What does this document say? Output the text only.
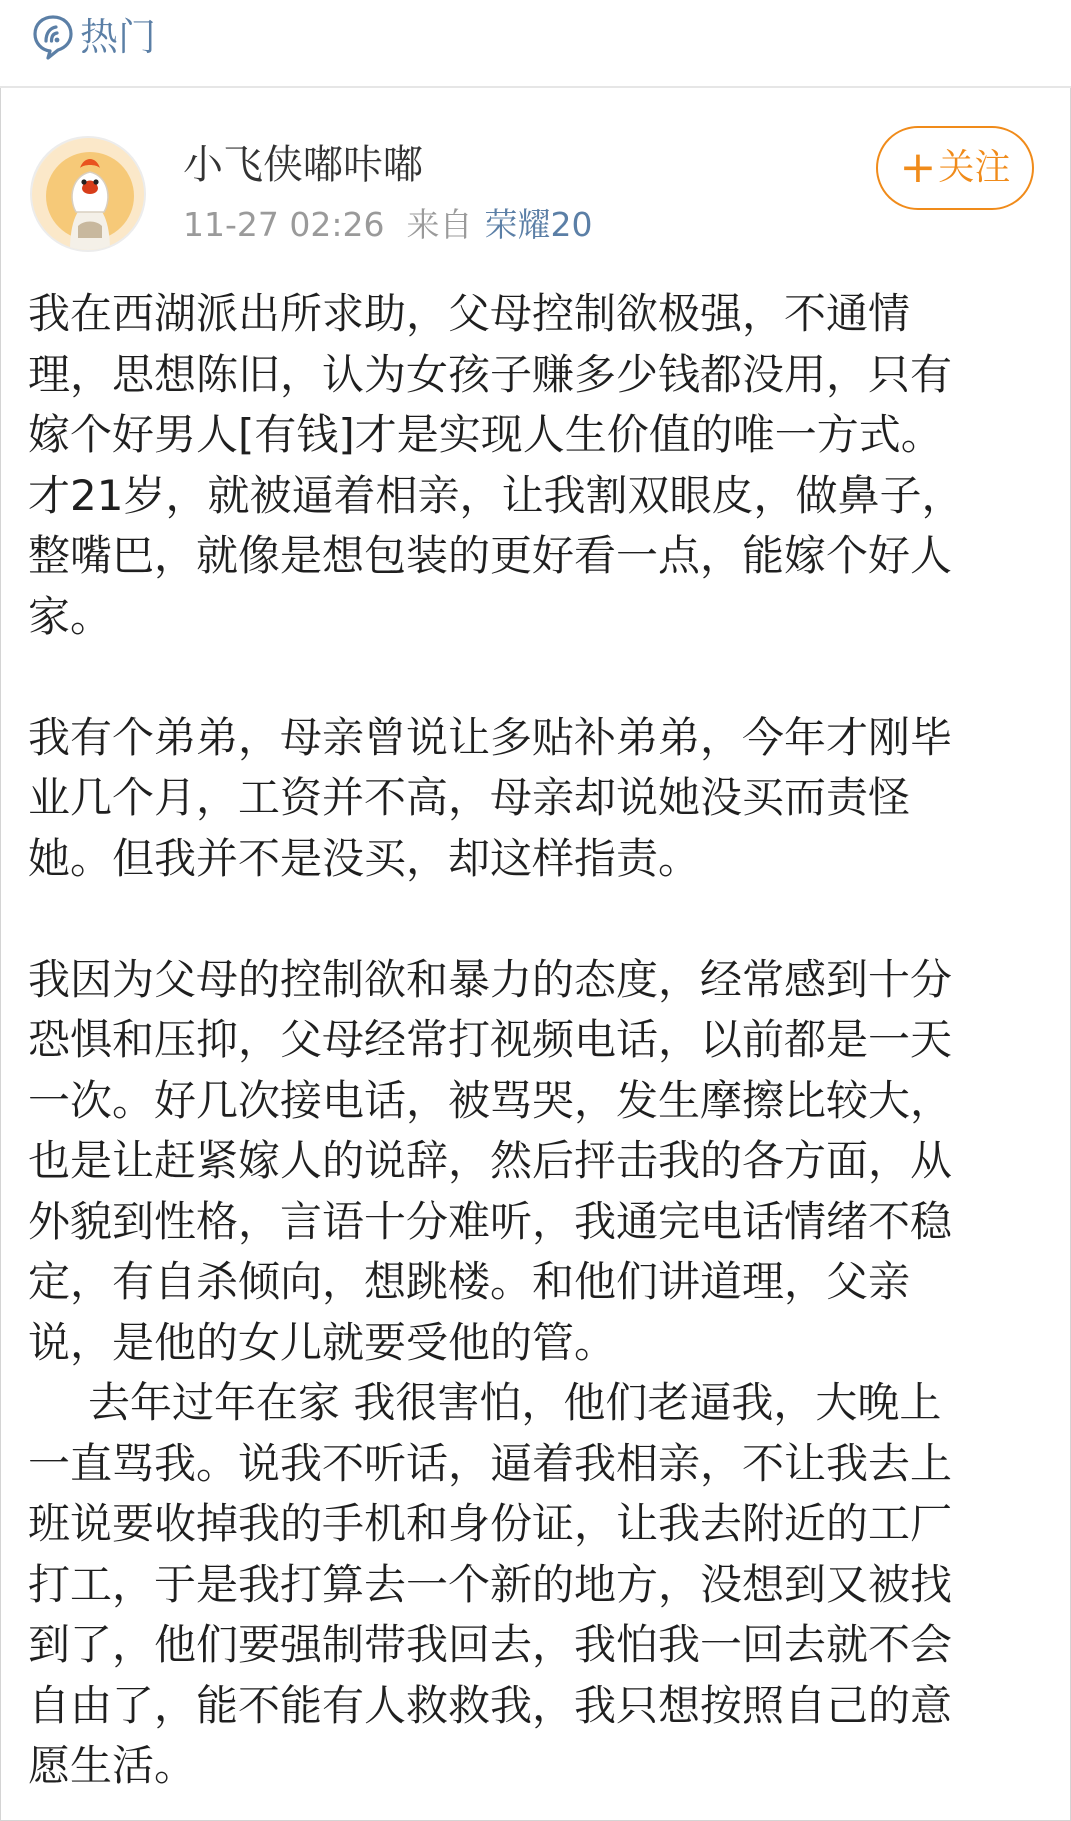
热门
小飞侠嘟咔嘟
11-27 02:26 来自 荣耀20
+关注
我在西湖派出所求助，父母控制欲极强，不通情
理，思想陈旧，认为女孩子赚多少钱都没用，只有
嫁个好男人[有钱]才是实现人生价值的唯一方式。
才21岁，就被逼着相亲，让我割双眼皮，做鼻子，
整嘴巴，就像是想包装的更好看一点，能嫁个好人
家。
我有个弟弟，母亲曾说让多贴补弟弟，今年才刚毕
业几个月，工资并不高，母亲却说她没买而责怪
她。但我并不是没买，却这样指责。
我因为父母的控制欲和暴力的态度，经常感到十分
恐惧和压抑，父母经常打视频电话，以前都是一天
一次。好几次接电话，被骂哭，发生摩擦比较大，
也是让赶紧嫁人的说辞，然后抨击我的各方面，从
外貌到性格，言语十分难听，我通完电话情绪不稳
定，有自杀倾向，想跳楼。和他们讲道理，父亲
说，是他的女儿就要受他的管。
去年过年在家 我很害怕，他们老逼我，大晚上
一直骂我。说我不听话，逼着我相亲，不让我去上
班说要收掉我的手机和身份证，让我去附近的工厂
打工，于是我打算去一个新的地方，没想到又被找
到了，他们要强制带我回去，我怕我一回去就不会
自由了，能不能有人救救我，我只想按照自己的意
愿生活。
